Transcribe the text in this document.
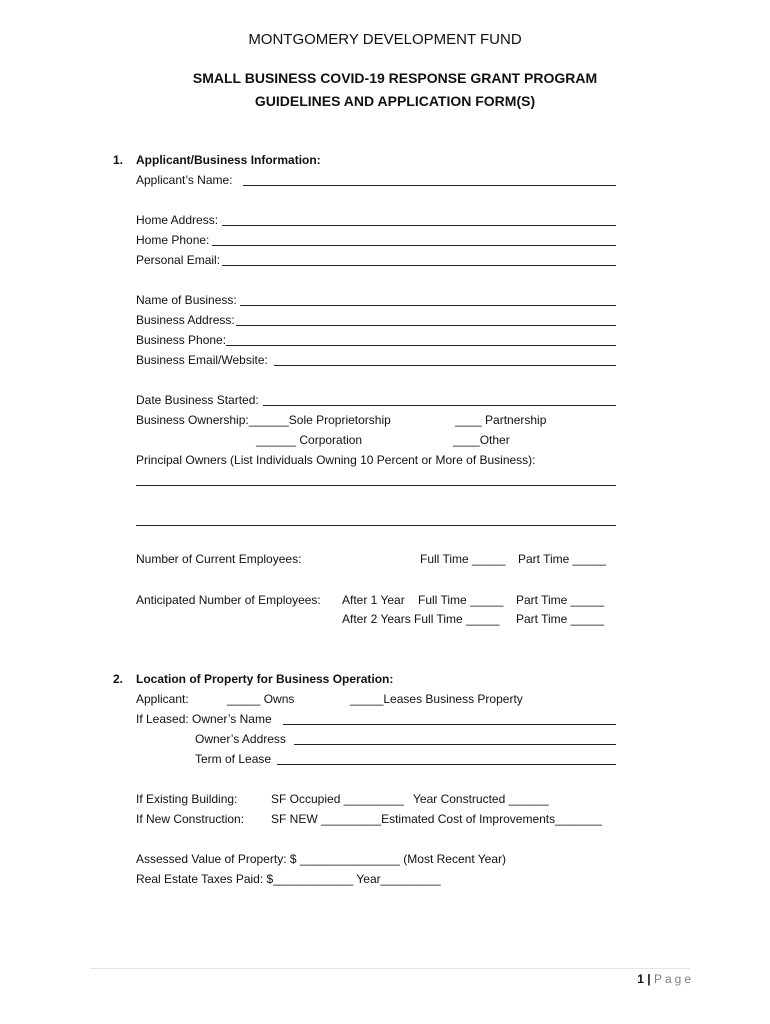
MONTGOMERY DEVELOPMENT FUND
SMALL BUSINESS COVID-19 RESPONSE GRANT PROGRAM
GUIDELINES AND APPLICATION FORM(S)
1. Applicant/Business Information:
Applicant’s Name:
Home Address:
Home Phone:
Personal Email:
Name of Business:
Business Address:
Business Phone:
Business Email/Website:
Date Business Started:
Business Ownership:______Sole Proprietorship	____ Partnership
______ Corporation	____Other
Principal Owners (List Individuals Owning 10 Percent or More of Business):
Number of Current Employees:	Full Time _____ Part Time _____
Anticipated Number of Employees: After 1 Year Full Time _____ Part Time _____
After 2 Years Full Time _____ Part Time _____
2. Location of Property for Business Operation:
Applicant:	_____ Owns	_____Leases Business Property
If Leased: Owner’s Name
Owner’s Address
Term of Lease
If Existing Building:	SF Occupied _________ Year Constructed ______
If New Construction: SF NEW _________Estimated Cost of Improvements_______
Assessed Value of Property: $ _______________ (Most Recent Year)
Real Estate Taxes Paid: $____________ Year_________
1 | Page
